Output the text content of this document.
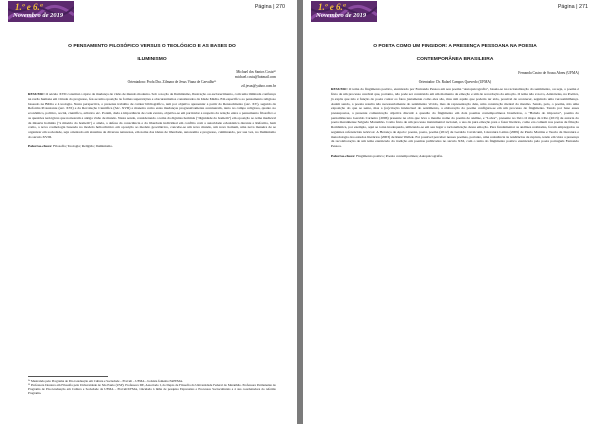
1.º e 6.ª
Novembro de 2019
Página | 270

O PENSAMENTO FILOSÓFICO VERSUS O TEOLÓGICO E AS BASES DO

ILUMINISMO

Michael dos Santos Costa¹⁰

michael.costa@hotmail.com

Orientadora: Profa Dra. Zilmara de Jesus Viana de Carvalho¹¹

zil.jesus@yahoo.com.br

RESUMO: O século XVII constitui o ápice da mudança de visão de mundo moderna. Sob a noção de Iluminismo, Ilustração ou esclarecimento, com uma ilimitada confiança na razão humana em virtude do progresso, fez-se uma oposição às formas superstições e obscurantismos considerados da Idade Média. Em específico ao pensamento religioso baseado na Bíblia e à teologia. Nesta perspectiva, o presente trabalho de caráter bibliográfico, tem por objetivo apresentar a partir do Renascimento (séc. XV), seguido da Reforma Protestante (séc. XVI) e da Revolução Científica (Séc. XVII) a maneira como estas mudanças progressivamente acentuaram, tanto no campo religioso, quanto no econômico, político, social, científico, artístico etc. Porém, dada a importância de cada evento, objetiva-se em particular a respeito da relação entre o pensamento filosófico e as questões teológicas que nortearam a antiga visão de mundo. Nesta senda, considerando o tema da dignitas hominis ("dignidade do homem") em oposição ao tema medieval da miseria hominis ("a miséria do homem") e ainda, a defesa da consciência e da liberdade individual em conflito com a autoridade eclesiástica durante a Reforma, bem como, a nova cosmologia baseada no modelo heliocêntrico em oposição ao modelo geocêntrico, concebe-se um novo mundo, um novo homem, uma nova maneira de se organizar em sociedade, seja orientado em sistemas de diversas naturezas, em nome das ideias de liberdade, autonomia e progresso, culminando, por sua vez, no Iluminismo do século XVIII.

Palavras-chave: Filosofia; Teologia; Religião; Iluminismo.

¹⁰ Mestrando pelo Programa de Pós-Graduação em Cultura e Sociedade – PGCult – UFMA – bolsista fomento FAPEMA.

¹¹ Professora Doutora em Filosofia pela Universidade de São Paulo (USP). Professora DE, Associado I, do Depto de Filosofia da Universidade Federal do Maranhão. Professora Permanente do Programa de Pós-Graduação em Cultura e Sociedade da UFMA – PGCult/UFMA, vinculada à linha de pesquisa Expressões e Processos Socioculturais e à sua coordenadora do referido Programa.

1.º e 6.ª
Novembro de 2019
Página | 271

O POETA COMO UM FINGIDOR: A PRESENÇA PESSOANA NA POESIA

CONTEMPORÂNEA BRASILEIRA

Fernanda Castro de Sousa Abreu (UFMA)

Orientador: Dr. Rafael Campos Quevedo (UFMA)

RESUMO: O tema do fingimento poético, eternizado por Fernando Pessoa em seu poema "Autopsicografia", baseia-se na racionalização do sentimento, ou seja, o poema é fruto de um processo cerebral que, portanto, não pode ser construído em um momento de emoção e sim de recordação da emoção. O tema não é novo, Aristóteles, na Poética, já expôs que não é função do poeta contar os fatos justamente como eles são, mas sim aquilo que poderia ter sido, possível de acontecer, seguindo uma verossimilhança. Assim sendo, a poesia resulta não necessariamente do sentimento vivido, mas da representação dele, uma construção mental do mesmo. Sendo, pois, o poema, não uma exposição do que se sente, mas a (re)criação intelectual do sentimento, a elaboração do poema configura-se em um processo de fingimento. Tendo por base esses pressupostos, a presente comunicação objetiva discutir a questão do fingimento em dois poemas contemporâneos brasileiros, o "Balada do impostor", poema do pernambucano Geraldo Carneiro (2006) presente na obra que leva o mesmo nome do poema de análise, e "Labor", presente no livro O mapa da tribo (2013) de autoria do poeta maranhense Salgado Maranhão. Como fruto de um processo instrumental racional, o uso da pura emoção para o fazer literário, como era comum nos poetas de filiação Romântica, por exemplo, aqui se torna inadequado, utilizando-se em seu lugar a racionalização dessa emoção. Para fundamentar as análises realizadas, foram empregados os seguintes referenciais teóricos: A Herança de Apolo: poesia, poeta, poema (2012) de Geraldo Cavalcanti, Literatura Latina (2009) de Paulo Martins e Teoria da literatura e metodologia dos estudos literários (2003) de René Wellek. Foi possível perceber nesses poemas, portanto, uma resistência às tendências de ruptura, tendo em vista a presença da recolaboração de um tema eternizado da tradição em poemas publicados no século XXI, com o tema do fingimento poético eternizado pelo poeta português Fernando Pessoa.

Palavras-chave: Fingimento poético; Poesia contemporânea; Autopsicografia.
